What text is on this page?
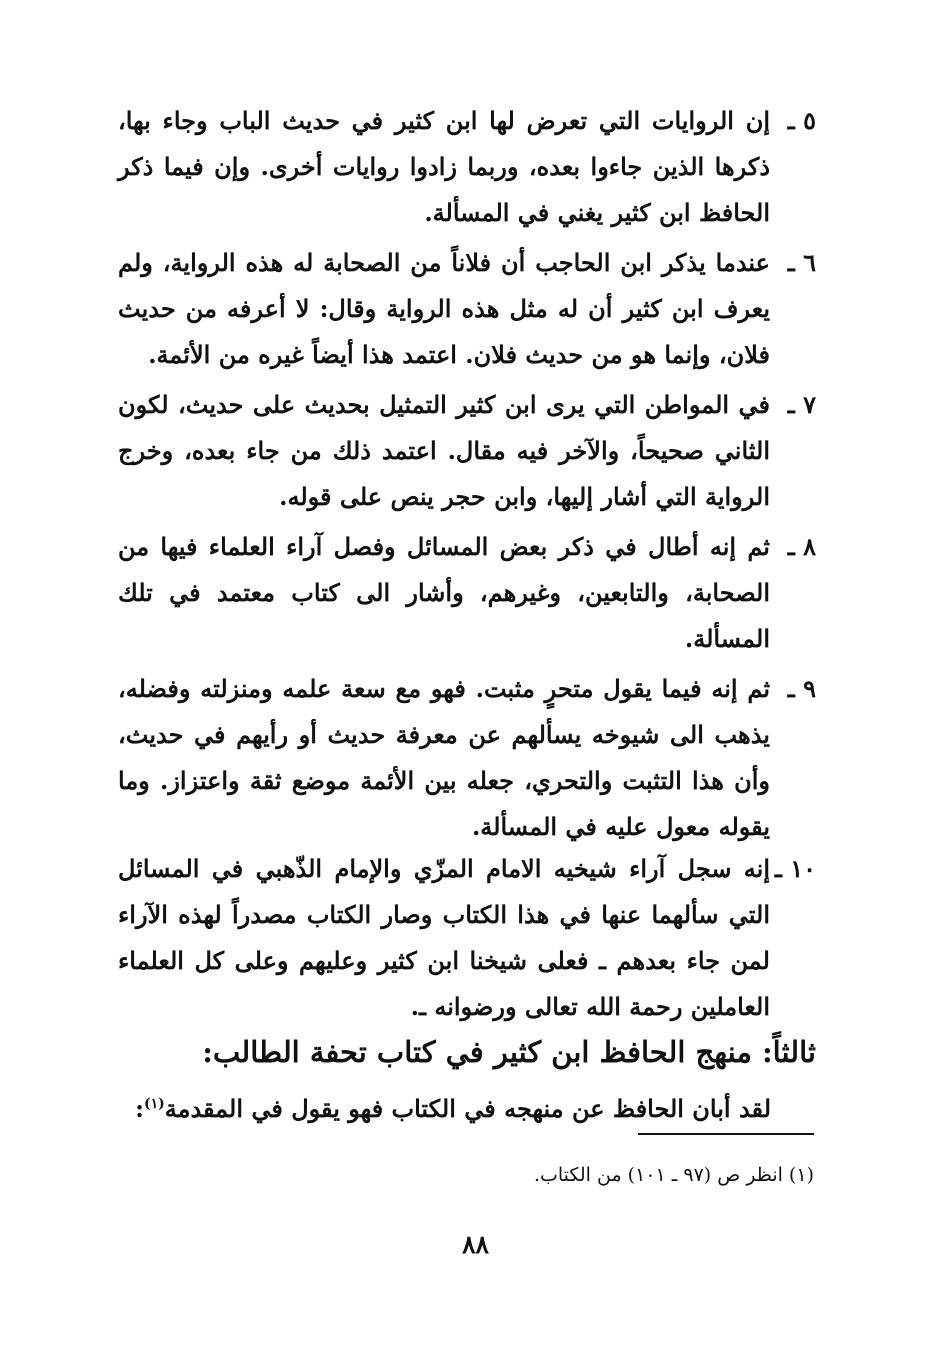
٥ ـ
إن الروايات التي تعرض لها ابن كثير في حديث الباب وجاء بها، ذكرها الذين جاءوا بعده، وربما زادوا روايات أخرى. وإن فيما ذكر الحافظ ابن كثير يغني في المسألة.
٦ ـ
عندما يذكر ابن الحاجب أن فلاناً من الصحابة له هذه الرواية، ولم يعرف ابن كثير أن له مثل هذه الرواية وقال: لا أعرفه من حديث فلان، وإنما هو من حديث فلان. اعتمد هذا أيضاً غيره من الأئمة.
٧ ـ
في المواطن التي يرى ابن كثير التمثيل بحديث على حديث، لكون الثاني صحيحاً، والآخر فيه مقال. اعتمد ذلك من جاء بعده، وخرج الرواية التي أشار إليها، وابن حجر ينص على قوله.
٨ ـ
ثم إنه أطال في ذكر بعض المسائل وفصل آراء العلماء فيها من الصحابة، والتابعين، وغيرهم، وأشار الى كتاب معتمد في تلك المسألة.
٩ ـ
ثم إنه فيما يقول متحرٍ مثبت. فهو مع سعة علمه ومنزلته وفضله، يذهب الى شيوخه يسألهم عن معرفة حديث أو رأيهم في حديث، وأن هذا التثبت والتحري، جعله بين الأئمة موضع ثقة واعتزاز. وما يقوله معول عليه في المسألة.
١٠ ـ
إنه سجل آراء شيخيه الامام المزّي والإمام الذّهبي في المسائل التي سألهما عنها في هذا الكتاب وصار الكتاب مصدراً لهذه الآراء لمن جاء بعدهم ـ فعلى شيخنا ابن كثير وعليهم وعلى كل العلماء العاملين رحمة الله تعالى ورضوانه ـ.
ثالثاً: منهج الحافظ ابن كثير في كتاب تحفة الطالب:
لقد أبان الحافظ عن منهجه في الكتاب فهو يقول في المقدمة$^{(١)}$:
(١) انظر ص (٩٧ ـ ١٠١) من الكتاب.
٨٨
